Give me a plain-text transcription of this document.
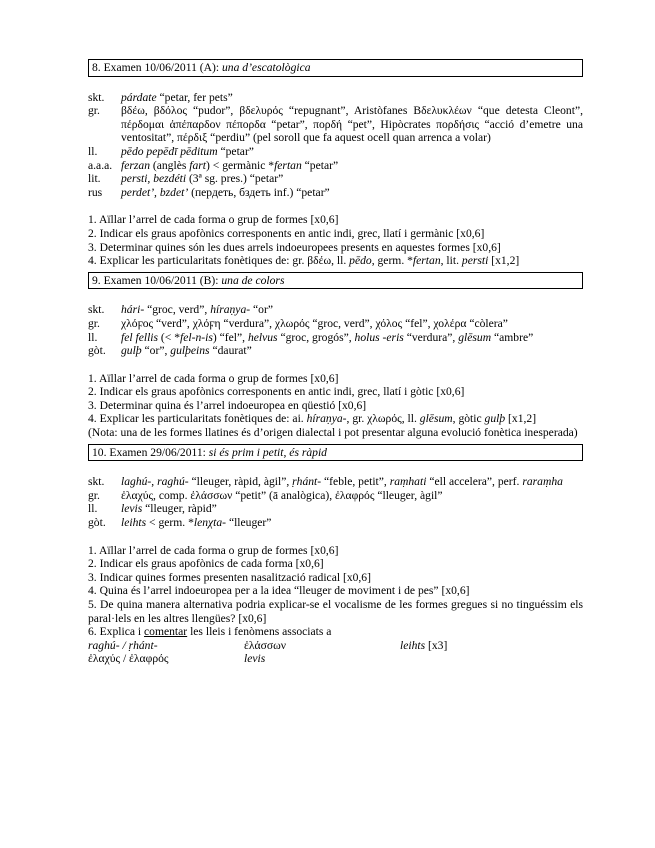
8. Examen 10/06/2011 (A): una d’escatològica
skt.	párdate “petar, fer pets”
gr.	βδέω, βδόλος “pudor”, βδελυρός “repugnant”, Aristòfanes Βδελυκλέων “que detesta Cleont”, πέρδομαι ἀπέπαρδον πέπορδα “petar”, πορδή “pet”, Hipòcrates πορδήσις “acció d’emetre una ventositat”, πέρδιξ “perdiu” (pel soroll que fa aquest ocell quan arrenca a volar)
ll.	pēdo pepēdī pēditum “petar”
a.a.a. ferzan (anglès fart) < germànic *fertan “petar”
lit.	persti, bezdéti (3ª sg. pres.) “petar”
rus	perdet’, bzdet’ (пердеть, бздеть inf.) “petar”
1. Aïllar l’arrel de cada forma o grup de formes [x0,6]
2. Indicar els graus apofònics corresponents en antic indi, grec, llatí i germànic [x0,6]
3. Determinar quines són les dues arrels indoeuropees presents en aquestes formes [x0,6]
4. Explicar les particularitats fonètiques de: gr. βδέω, ll. pēdo, germ. *fertan, lit. persti [x1,2]
9. Examen 10/06/2011 (B): una de colors
skt.	hári- “groc, verd”, híraṇya- “or”
gr.	χλόϝος “verd”, χλόϝη “verdura”, χλωρός “groc, verd”, χόλος “fel”, χολέρα “còlera”
ll.	fel fellis (< *fel-n-is) “fel”, helvus “groc, grogós”, holus -eris “verdura”, glēsum “ambre”
gòt.	gulþ “or”, gulþeins “daurat”
1. Aïllar l’arrel de cada forma o grup de formes [x0,6]
2. Indicar els graus apofònics corresponents en antic indi, grec, llatí i gòtic [x0,6]
3. Determinar quina és l’arrel indoeuropea en qüestió [x0,6]
4. Explicar les particularitats fonètiques de: ai. híraṇya-, gr. χλωρός, ll. glēsum, gòtic gulþ [x1,2]
(Nota: una de les formes llatines és d’origen dialectal i pot presentar alguna evolució fonètica inesperada)
10. Examen 29/06/2011: si és prim i petit, és ràpid
skt.	laghú-, raghú- “lleuger, ràpid, àgil”, ṛhánt- “feble, petit”, raṃhati “ell accelera”, perf. raraṃha
gr.	ἐλαχύς, comp. ἐλάσσων “petit” (ā analògica), ἐλαφρός “lleuger, àgil”
ll.	levis “lleuger, ràpid”
gòt.	leihts < germ. *lenχta- “lleuger”
1. Aïllar l’arrel de cada forma o grup de formes [x0,6]
2. Indicar els graus apofònics de cada forma [x0,6]
3. Indicar quines formes presenten nasalització radical [x0,6]
4. Quina és l’arrel indoeuropea per a la idea “lleuger de moviment i de pes” [x0,6]
5. De quina manera alternativa podria explicar-se el vocalisme de les formes gregues si no tinguéssim els paral·lels en les altres llengües? [x0,6]
6. Explica i comentar les lleis i fenòmens associats a
raghú- / ṛhánt-	ἐλάσσων	leihts [x3]
ἐλαχύς / ἐλαφρός	levis
